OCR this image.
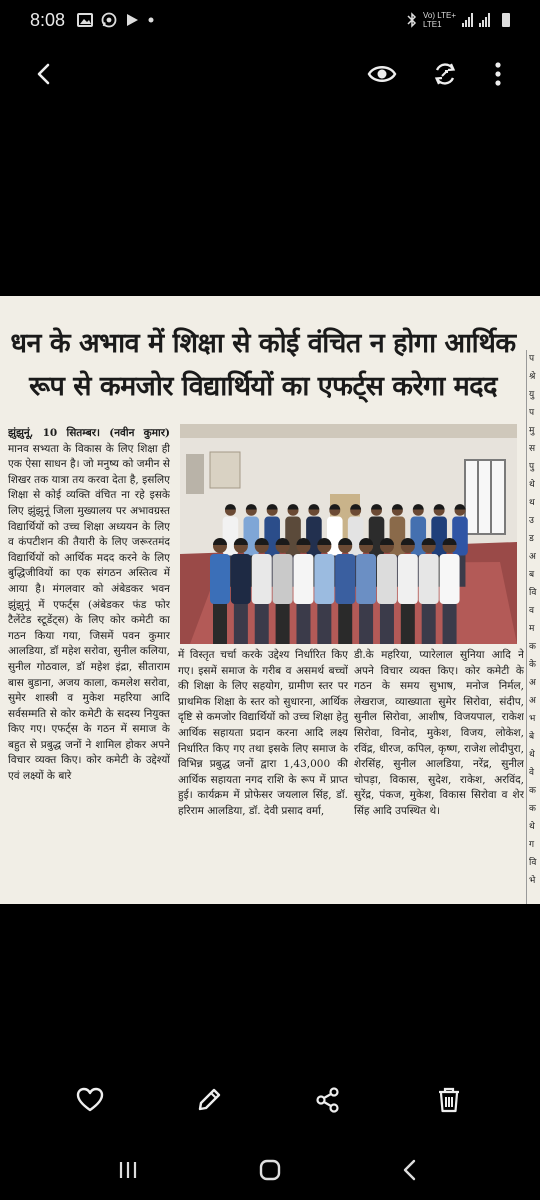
8:08	Vo) LTE+
LTE1
धन के अभाव में शिक्षा से कोई वंचित न होगा आर्थिक
रूप से कमजोर विद्यार्थियों का एफर्ट्स करेगा मदद
झुंझुनूं, 10 सितम्बर। (नवीन कुमार) मानव सभ्यता के विकास के लिए शिक्षा ही एक ऐसा साधन है। जो मनुष्य को जमीन से शिखर तक यात्रा तय करवा देता है, इसलिए शिक्षा से कोई व्यक्ति वंचित ना रहे इसके लिए झुंझुनूं जिला मुख्यालय पर अभावग्रस्त विद्यार्थियों को उच्च शिक्षा अध्ययन के लिए व कंपटीशन की तैयारी के लिए जरूरतमंद विद्यार्थियों को आर्थिक मदद करने के लिए बुद्धिजीवियों का एक संगठन अस्तित्व में आया है। मंगलवार को अंबेडकर भवन झुंझुनूं में एफर्ट्स (अंबेडकर फंड फोर टैलेंटेड स्टूडेंट्स) के लिए कोर कमेटी का गठन किया गया, जिसमें पवन कुमार आलडिया, डॉ महेश सरोवा, सुनील कलिया, सुनील गोठवाल, डॉ महेश इंद्रा, सीताराम बास बुडाना, अजय काला, कमलेश सरोवा, सुमेर शास्त्री व मुकेश महरिया आदि सर्वसम्मति से कोर कमेटी के सदस्य नियुक्त किए गए। एफर्ट्स के गठन में समाज के बहुत से प्रबुद्ध जनों ने शामिल होकर अपने विचार व्यक्त किए। कोर कमेटी के उद्देश्यों एवं लक्ष्यों के बारे
में विस्तृत चर्चा करके उद्देश्य निर्धारित किए गए। इसमें समाज के गरीब व असमर्थ बच्चों की शिक्षा के लिए सहयोग, ग्रामीण स्तर पर प्राथमिक शिक्षा के स्तर को सुधारना, आर्थिक दृष्टि से कमजोर विद्यार्थियों को उच्च शिक्षा हेतु आर्थिक सहायता प्रदान करना आदि लक्ष्य निर्धारित किए गए तथा इसके लिए समाज के विभिन्न प्रबुद्ध जनों द्वारा 1,43,000 की आर्थिक सहायता नगद राशि के रूप में प्राप्त हुई। कार्यक्रम में प्रोफेसर जयलाल सिंह, डॉ. हरिराम आलडिया, डॉ. देवी प्रसाद वर्मा,
डी.के महरिया, प्यारेलाल सुनिया आदि ने अपने विचार व्यक्त किए। कोर कमेटी के गठन के समय सुभाष, मनोज निर्मल, लेखराज, व्याख्याता सुमेर सिरोवा, संदीप, सुनील सिरोवा, आशीष, विजयपाल, राकेश सिरोवा, विनोद, मुकेश, विजय, लोकेश, रविंद्र, धीरज, कपिल, कृष्ण, राजेश लोदीपुरा, शेरसिंह, सुनील आलडिया, नरेंद्र, सुनील चोपड़ा, विकास, सुदेश, राकेश, अरविंद, सुरेंद्र, पंकज, मुकेश, विकास सिरोवा व शेर सिंह आदि उपस्थित थे।
प
श्रे
यु
प
मु
स
पु
थे
थ
उ
ड
अ
ब
वि
व
म
क
के
अ
अ
भ
बे
थे
वे
क
क
थे
ग
वि
भे
